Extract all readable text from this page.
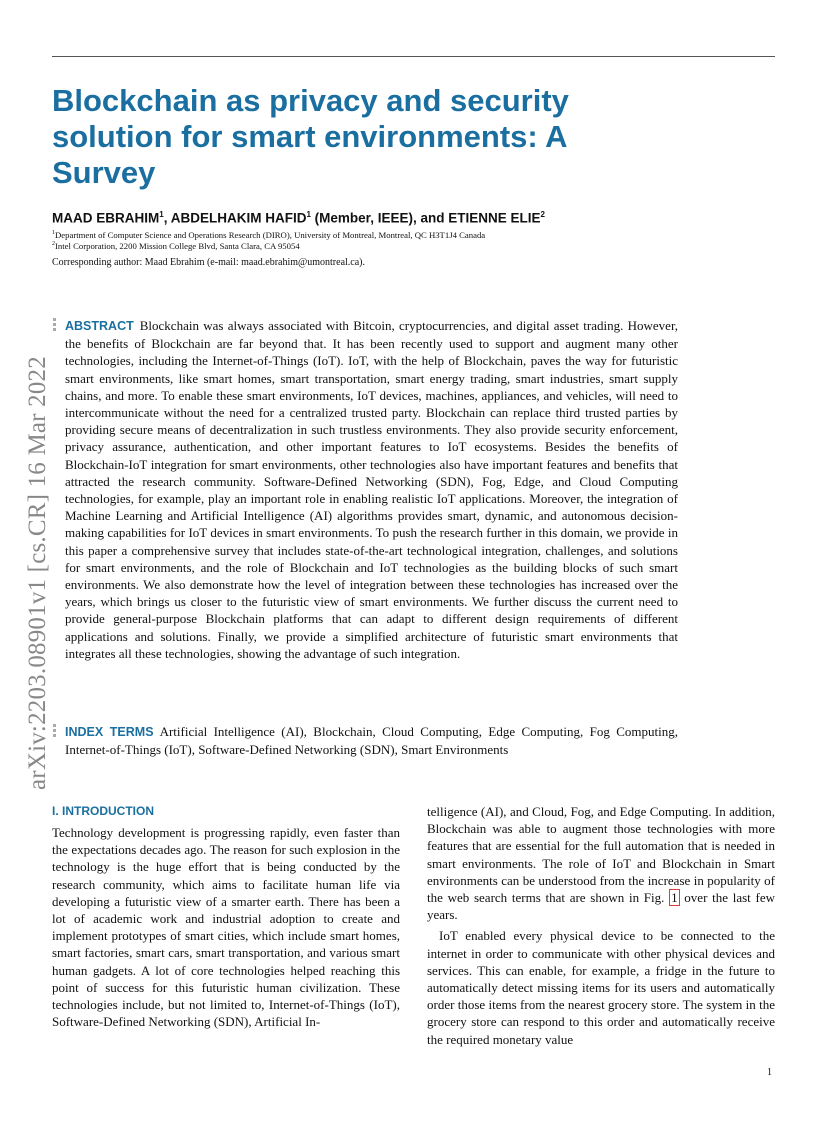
Blockchain as privacy and security
solution for smart environments: A
Survey
MAAD EBRAHIM$^1$, ABDELHAKIM HAFID$^1$ (Member, IEEE), and ETIENNE ELIE$^2$
$^1$Department of Computer Science and Operations Research (DIRO), University of Montreal, Montreal, QC H3T1J4 Canada
$^2$Intel Corporation, 2200 Mission College Blvd, Santa Clara, CA 95054
Corresponding author: Maad Ebrahim (e-mail: maad.ebrahim@umontreal.ca).
arXiv:2203.08901v1 [cs.CR] 16 Mar 2022

ABSTRACT Blockchain was always associated with Bitcoin, cryptocurrencies, and digital asset trading. However, the benefits of Blockchain are far beyond that. It has been recently used to support and augment many other technologies, including the Internet-of-Things (IoT). IoT, with the help of Blockchain, paves the way for futuristic smart environments, like smart homes, smart transportation, smart energy trading, smart industries, smart supply chains, and more. To enable these smart environments, IoT devices, machines, appliances, and vehicles, will need to intercommunicate without the need for a centralized trusted party. Blockchain can replace third trusted parties by providing secure means of decentralization in such trustless environments. They also provide security enforcement, privacy assurance, authentication, and other important features to IoT ecosystems. Besides the benefits of Blockchain-IoT integration for smart environments, other technologies also have important features and benefits that attracted the research community. Software-Defined Networking (SDN), Fog, Edge, and Cloud Computing technologies, for example, play an important role in enabling realistic IoT applications. Moreover, the integration of Machine Learning and Artificial Intelligence (AI) algorithms provides smart, dynamic, and autonomous decision-making capabilities for IoT devices in smart environments. To push the research further in this domain, we provide in this paper a comprehensive survey that includes state-of-the-art technological integration, challenges, and solutions for smart environments, and the role of Blockchain and IoT technologies as the building blocks of such smart environments. We also demonstrate how the level of integration between these technologies has increased over the years, which brings us closer to the futuristic view of smart environments. We further discuss the current need to provide general-purpose Blockchain platforms that can adapt to different design requirements of different applications and solutions. Finally, we provide a simplified architecture of futuristic smart environments that integrates all these technologies, showing the advantage of such integration.

INDEX TERMS Artificial Intelligence (AI), Blockchain, Cloud Computing, Edge Computing, Fog Computing, Internet-of-Things (IoT), Software-Defined Networking (SDN), Smart Environments

I. INTRODUCTION

Technology development is progressing rapidly, even faster than the expectations decades ago. The reason for such explosion in the technology is the huge effort that is being conducted by the research community, which aims to facilitate human life via developing a futuristic view of a smarter earth. There has been a lot of academic work and industrial adoption to create and implement prototypes of smart cities, which include smart homes, smart factories, smart cars, smart transportation, and various smart human gadgets. A lot of core technologies helped reaching this point of success for this futuristic human civilization. These technologies include, but not limited to, Internet-of-Things (IoT), Software-Defined Networking (SDN), Artificial In-

telligence (AI), and Cloud, Fog, and Edge Computing. In addition, Blockchain was able to augment those technologies with more features that are essential for the full automation that is needed in smart environments. The role of IoT and Blockchain in Smart environments can be understood from the increase in popularity of the web search terms that are shown in Fig. 1 over the last few years.

IoT enabled every physical device to be connected to the internet in order to communicate with other physical devices and services. This can enable, for example, a fridge in the future to automatically detect missing items for its users and automatically order those items from the nearest grocery store. The system in the grocery store can respond to this order and automatically receive the required monetary value

1
